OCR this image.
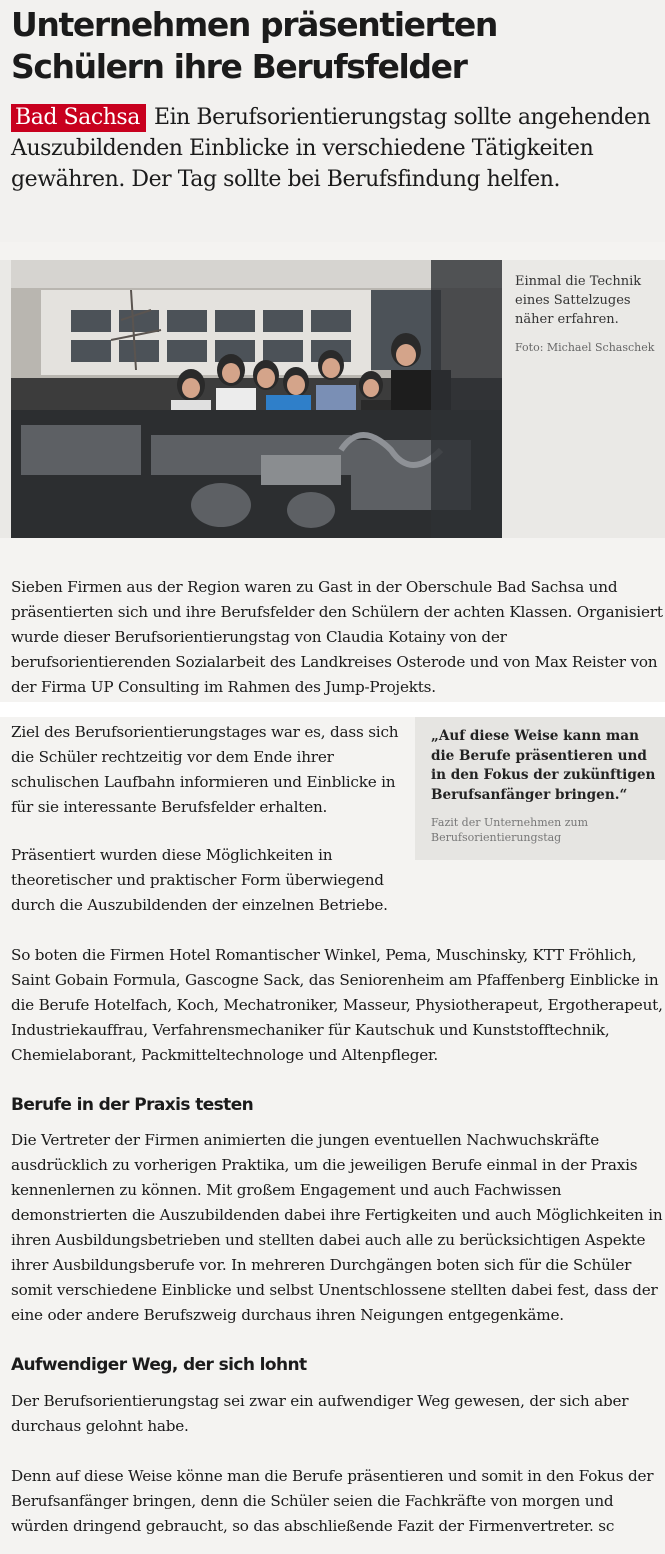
Unternehmen präsentierten Schülern ihre Berufsfelder

Bad Sachsa Ein Berufsorientierungstag sollte angehenden Auszubildenden Einblicke in verschiedene Tätigkeiten gewähren. Der Tag sollte bei Berufsfindung helfen.

Einmal die Technik eines Sattelzuges näher erfahren.
Foto: Michael Schaschek

Sieben Firmen aus der Region waren zu Gast in der Oberschule Bad Sachsa und präsentierten sich und ihre Berufsfelder den Schülern der achten Klassen. Organisiert wurde dieser Berufsorientierungstag von Claudia Kotainy von der berufsorientierenden Sozialarbeit des Landkreises Osterode und von Max Reister von der Firma UP Consulting im Rahmen des Jump-Projekts.

Ziel des Berufsorientierungstages war es, dass sich die Schüler rechtzeitig vor dem Ende ihrer schulischen Laufbahn informieren und Einblicke in für sie interessante Berufsfelder erhalten.

Präsentiert wurden diese Möglichkeiten in theoretischer und praktischer Form überwiegend durch die Auszubildenden der einzelnen Betriebe.

„Auf diese Weise kann man die Berufe präsentieren und in den Fokus der zukünftigen Berufsanfänger bringen.“
Fazit der Unternehmen zum Berufsorientierungstag

So boten die Firmen Hotel Romantischer Winkel, Pema, Muschinsky, KTT Fröhlich, Saint Gobain Formula, Gascogne Sack, das Seniorenheim am Pfaffenberg Einblicke in die Berufe Hotelfach, Koch, Mechatroniker, Masseur, Physiotherapeut, Ergotherapeut, Industriekauffrau, Verfahrensmechaniker für Kautschuk und Kunststofftechnik, Chemielaborant, Packmitteltechnologe und Altenpfleger.

Berufe in der Praxis testen

Die Vertreter der Firmen animierten die jungen eventuellen Nachwuchskräfte ausdrücklich zu vorherigen Praktika, um die jeweiligen Berufe einmal in der Praxis kennenlernen zu können. Mit großem Engagement und auch Fachwissen demonstrierten die Auszubildenden dabei ihre Fertigkeiten und auch Möglichkeiten in ihren Ausbildungsbetrieben und stellten dabei auch alle zu berücksichtigen Aspekte ihrer Ausbildungsberufe vor. In mehreren Durchgängen boten sich für die Schüler somit verschiedene Einblicke und selbst Unentschlossene stellten dabei fest, dass der eine oder andere Berufszweig durchaus ihren Neigungen entgegenkäme.

Aufwendiger Weg, der sich lohnt

Der Berufsorientierungstag sei zwar ein aufwendiger Weg gewesen, der sich aber durchaus gelohnt habe.

Denn auf diese Weise könne man die Berufe präsentieren und somit in den Fokus der Berufsanfänger bringen, denn die Schüler seien die Fachkräfte von morgen und würden dringend gebraucht, so das abschließende Fazit der Firmenvertreter. sc
